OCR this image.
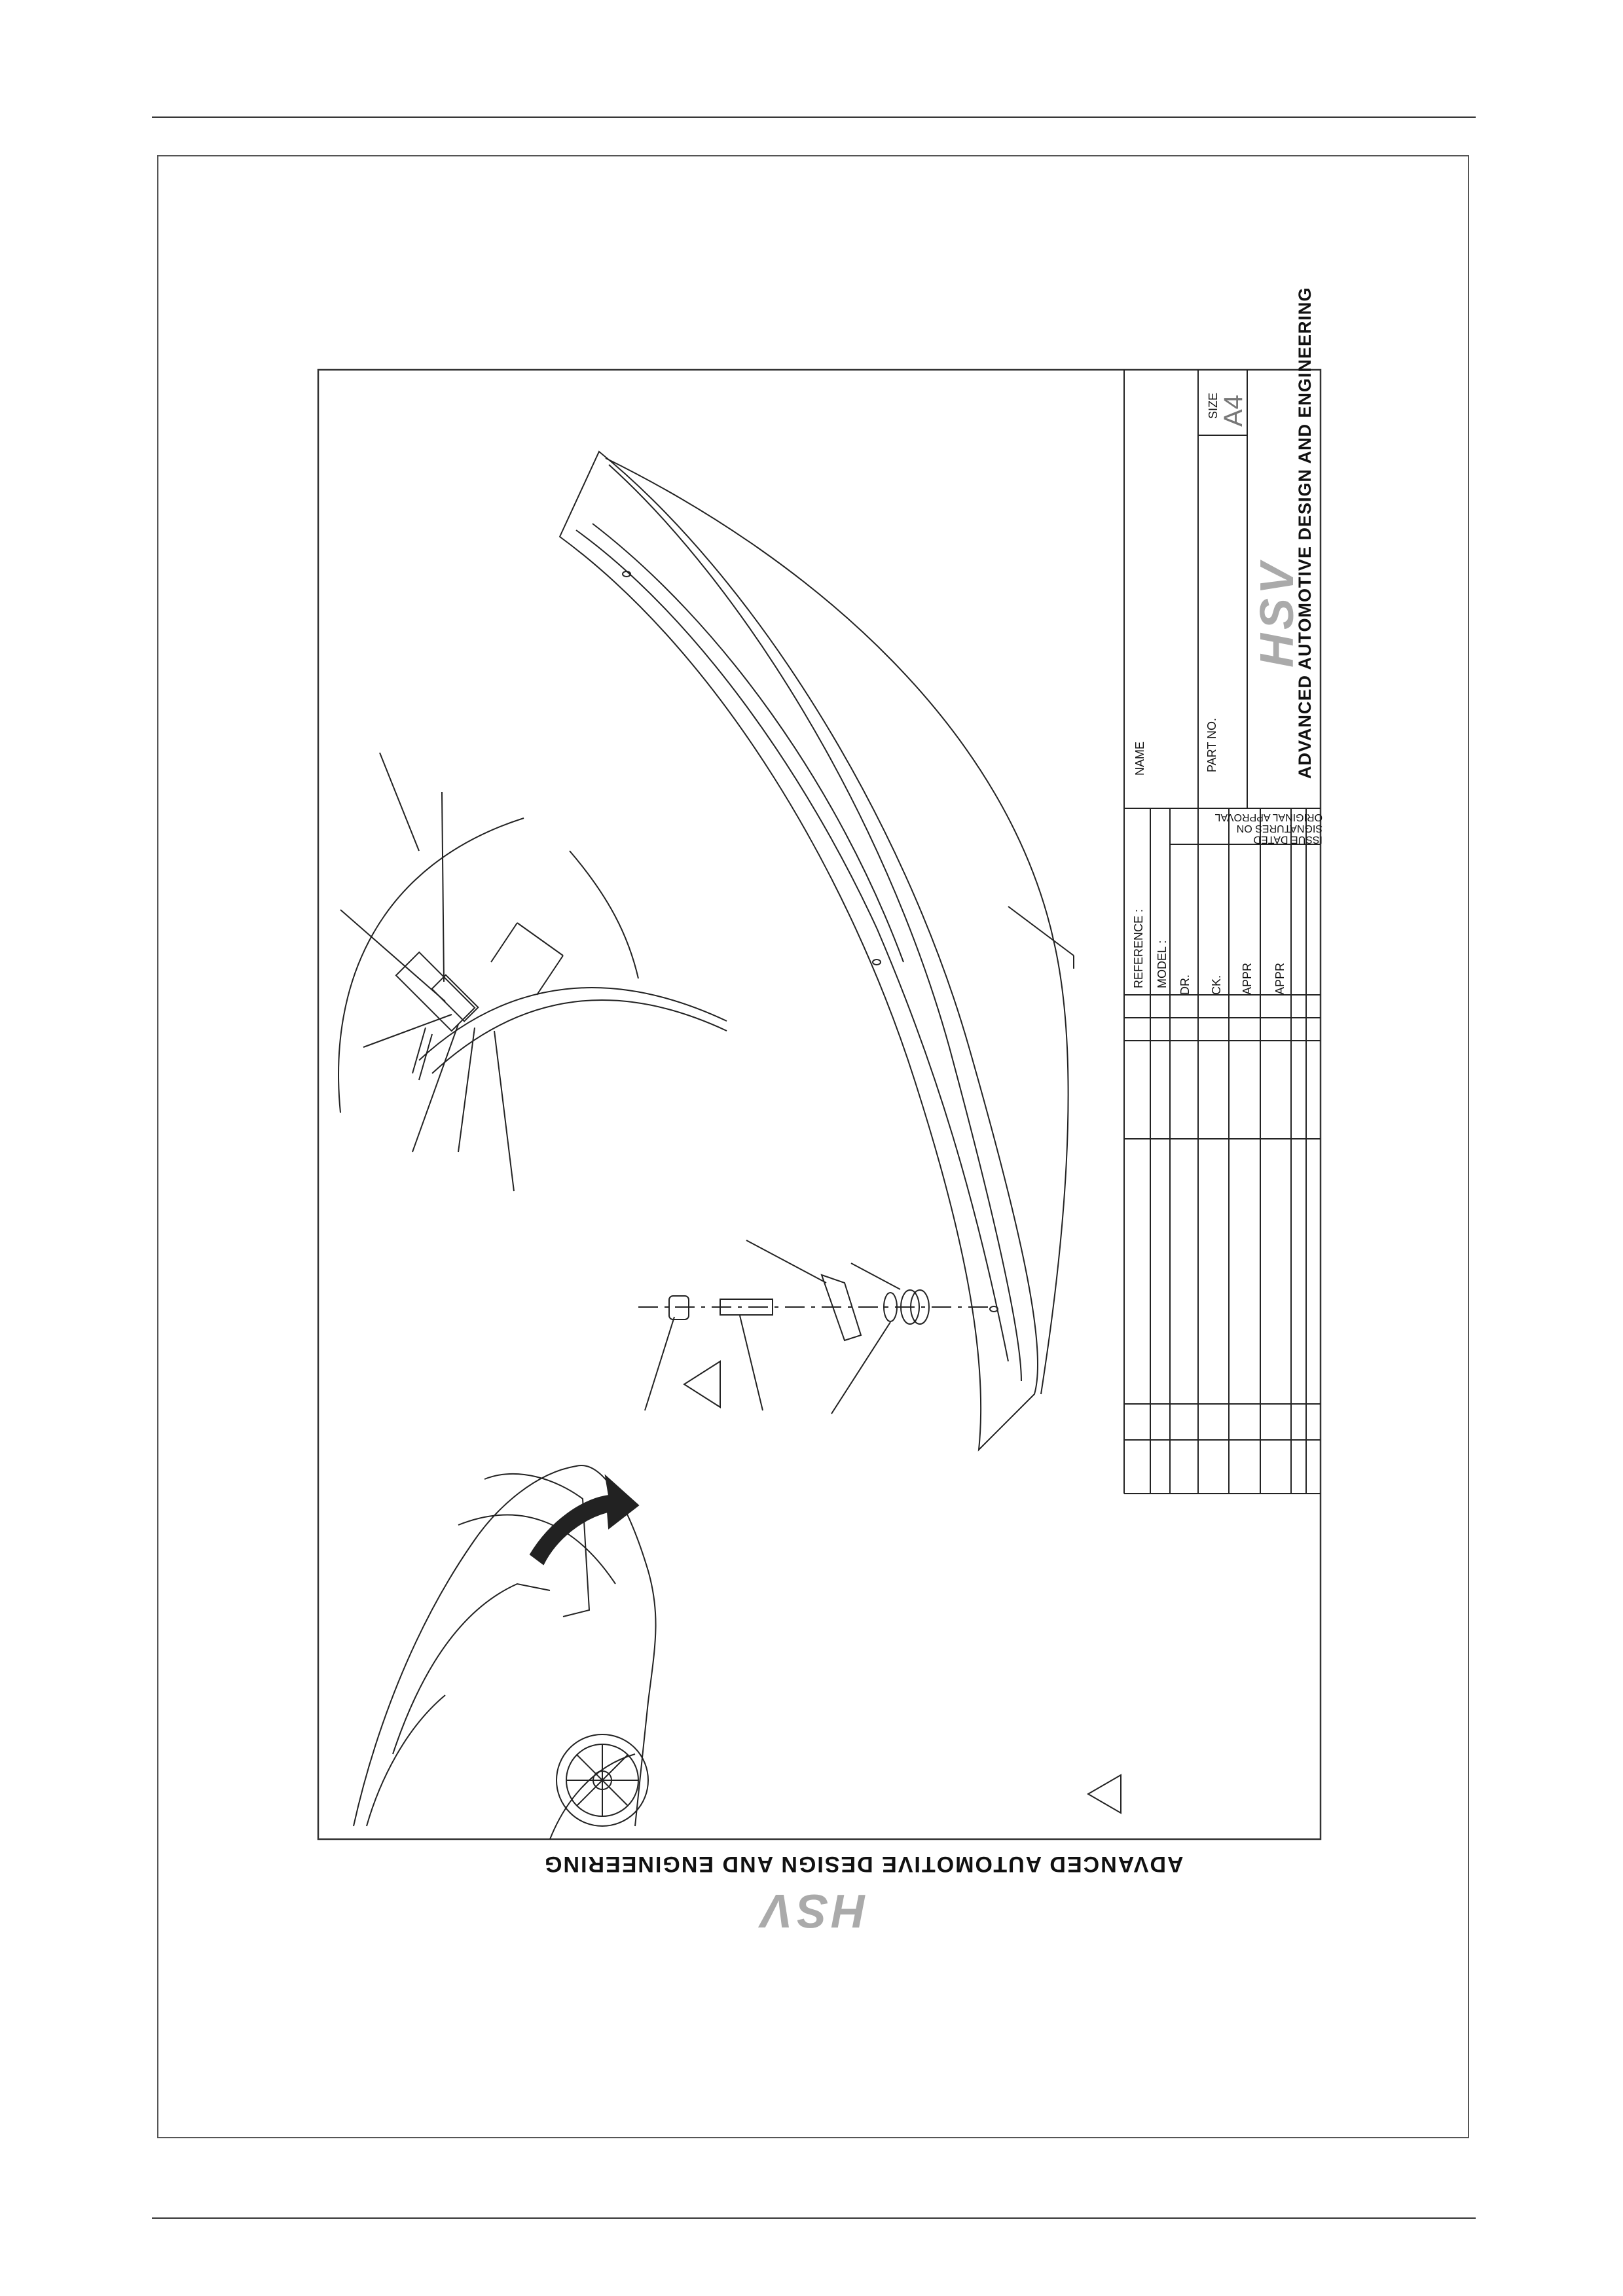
REFERENCE : MODEL :
NAME	PART NO.
SIZE A4
DR. CK. APPR APPR
ISSUE DATED
SIGNATURES ON
ORIGINAL APPROVAL
ADVANCED AUTOMOTIVE DESIGN AND ENGINEERING
HSV
ADVANCED AUTOMOTIVE DESIGN AND ENGINEERING
HSV
